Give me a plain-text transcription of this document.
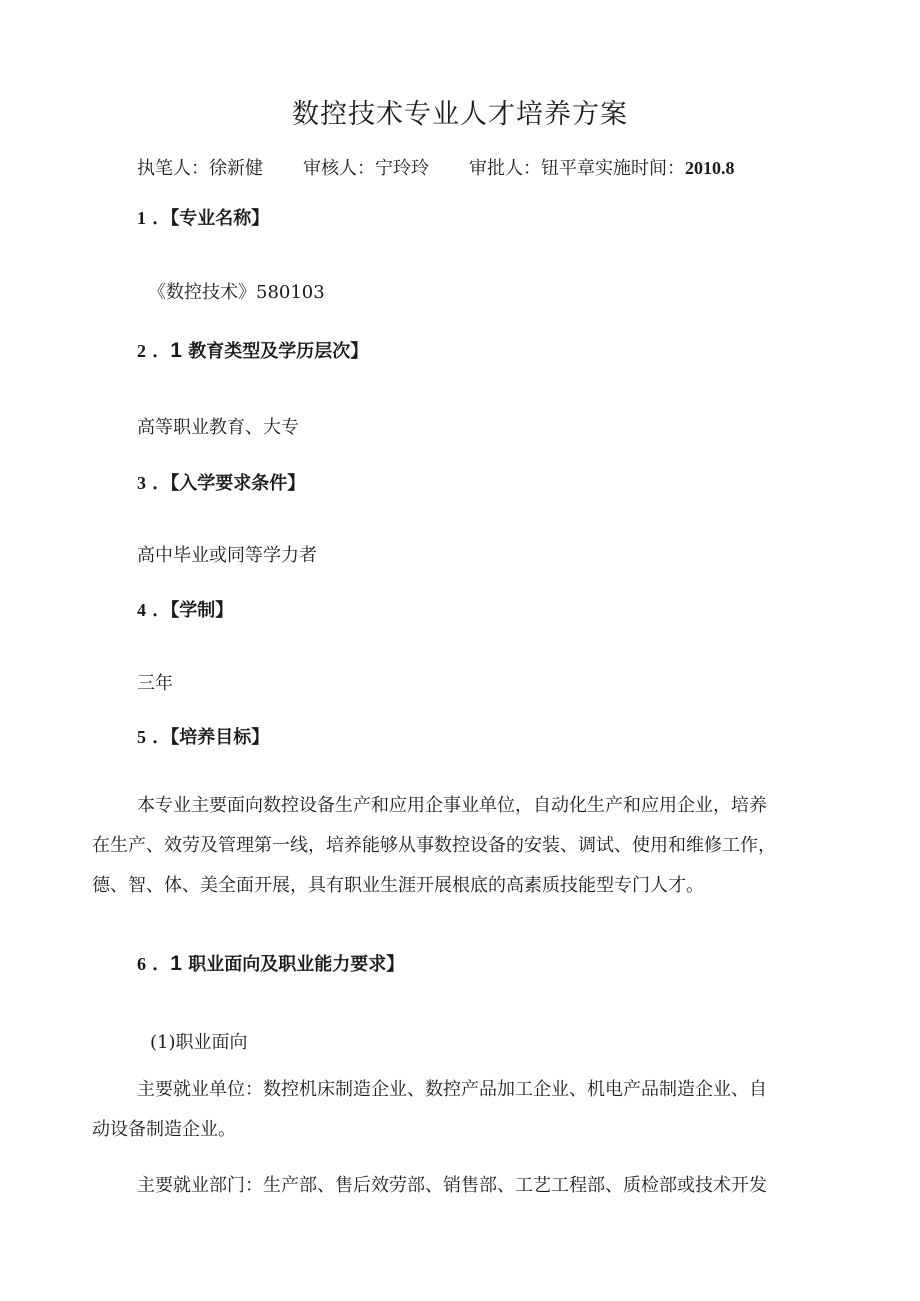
数控技术专业人才培养方案
执笔人：徐新健 审核人：宁玲玲 审批人：钮平章实施时间：2010.8
1 ．【专业名称】
《数控技术》580103
2 ．1 教育类型及学历层次】
高等职业教育、大专
3 ．【入学要求条件】
高中毕业或同等学力者
4 ．【学制】
三年
5 ．【培养目标】
本专业主要面向数控设备生产和应用企事业单位，自动化生产和应用企业，培养
在生产、效劳及管理第一线，培养能够从事数控设备的安装、调试、使用和维修工作，
德、智、体、美全面开展，具有职业生涯开展根底的高素质技能型专门人才。
6 ．1 职业面向及职业能力要求】
(1)职业面向
主要就业单位：数控机床制造企业、数控产品加工企业、机电产品制造企业、自
动设备制造企业。
主要就业部门：生产部、售后效劳部、销售部、工艺工程部、质检部或技术开发
